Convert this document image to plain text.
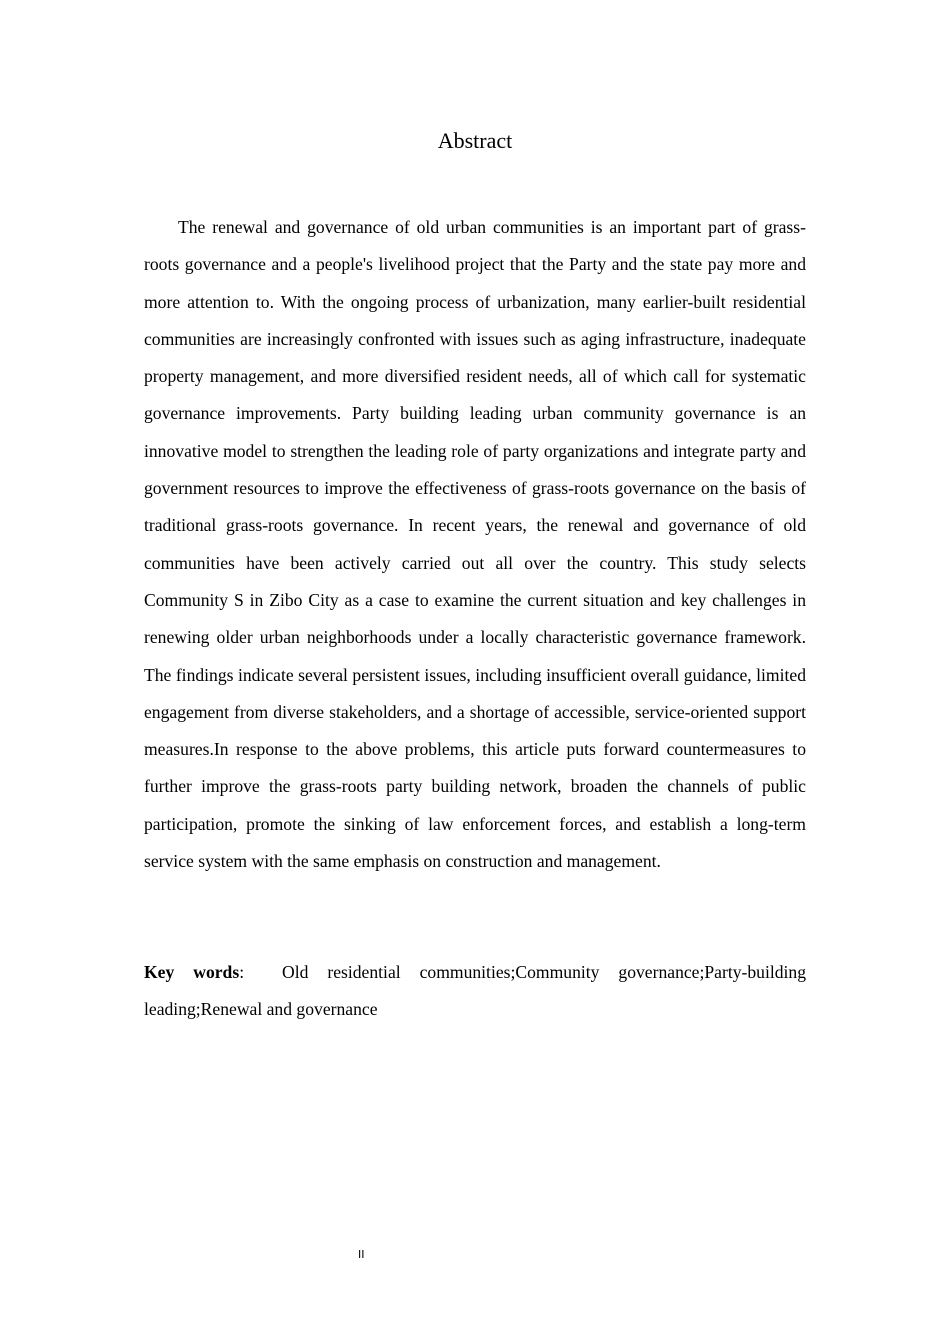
Abstract

The renewal and governance of old urban communities is an important part of grass-roots governance and a people's livelihood project that the Party and the state pay more and more attention to. With the ongoing process of urbanization, many earlier-built residential communities are increasingly confronted with issues such as aging infrastructure, inadequate property management, and more diversified resident needs, all of which call for systematic governance improvements. Party building leading urban community governance is an innovative model to strengthen the leading role of party organizations and integrate party and government resources to improve the effectiveness of grass-roots governance on the basis of traditional grass-roots governance. In recent years, the renewal and governance of old communities have been actively carried out all over the country. This study selects Community S in Zibo City as a case to examine the current situation and key challenges in renewing older urban neighborhoods under a locally characteristic governance framework. The findings indicate several persistent issues, including insufficient overall guidance, limited engagement from diverse stakeholders, and a shortage of accessible, service-oriented support measures.In response to the above problems, this article puts forward countermeasures to further improve the grass-roots party building network, broaden the channels of public participation, promote the sinking of law enforcement forces, and establish a long-term service system with the same emphasis on construction and management.

Key words:  Old residential communities;Community governance;Party-building leading;Renewal and governance

II
